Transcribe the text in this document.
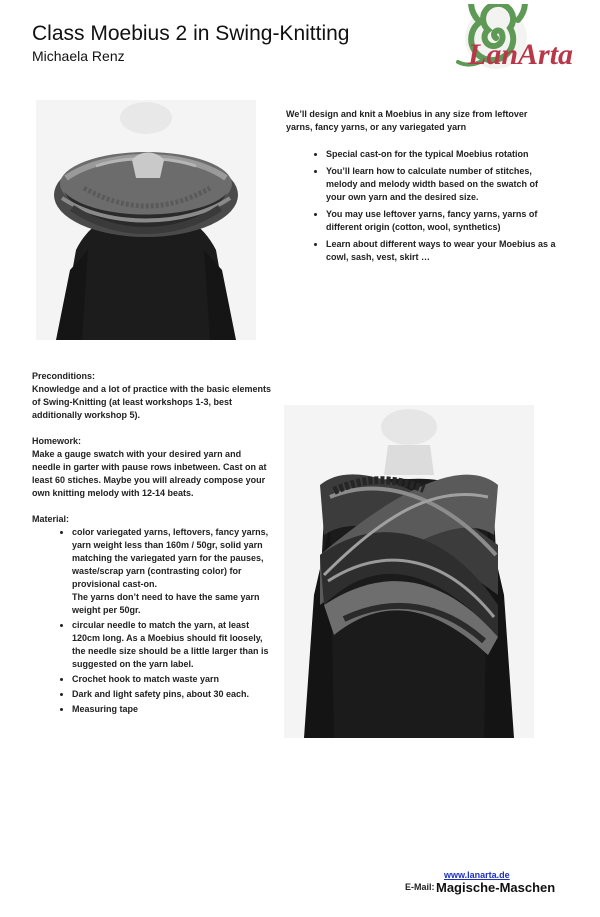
Class Moebius 2 in Swing-Knitting
Michaela Renz	LanArta

We’ll design and knit a Moebius in any size from leftover yarns, fancy yarns, or any variegated yarn

• Special cast-on for the typical Moebius rotation
• You’ll learn how to calculate number of stitches, melody and melody width based on the swatch of your own yarn and the desired size.
• You may use leftover yarns, fancy yarns, yarns of different origin (cotton, wool, synthetics)
• Learn about different ways to wear your Moebius as a cowl, sash, vest, skirt …
Preconditions:
Knowledge and a lot of practice with the basic elements of Swing-Knitting (at least workshops 1-3, best additionally workshop 5).
Homework:
Make a gauge swatch with your desired yarn and needle in garter with pause rows inbetween. Cast on at least 60 stiches. Maybe you will already compose your own knitting melody with 12-14 beats.
Material:
• color variegated yarns, leftovers, fancy yarns, yarn weight less than 160m / 50gr, solid yarn matching the variegated yarn for the pauses, waste/scrap yarn (contrasting color) for provisional cast-on.
The yarns don’t need to have the same yarn weight per 50gr.
• circular needle to match the yarn, at least 120cm long. As a Moebius should fit loosely, the needle size should be a little larger than is suggested on the yarn label.
• Crochet hook to match waste yarn
• Dark and light safety pins, about 30 each.
• Measuring tape
www.lanarta.de
E-Mail: Magische-Maschen
